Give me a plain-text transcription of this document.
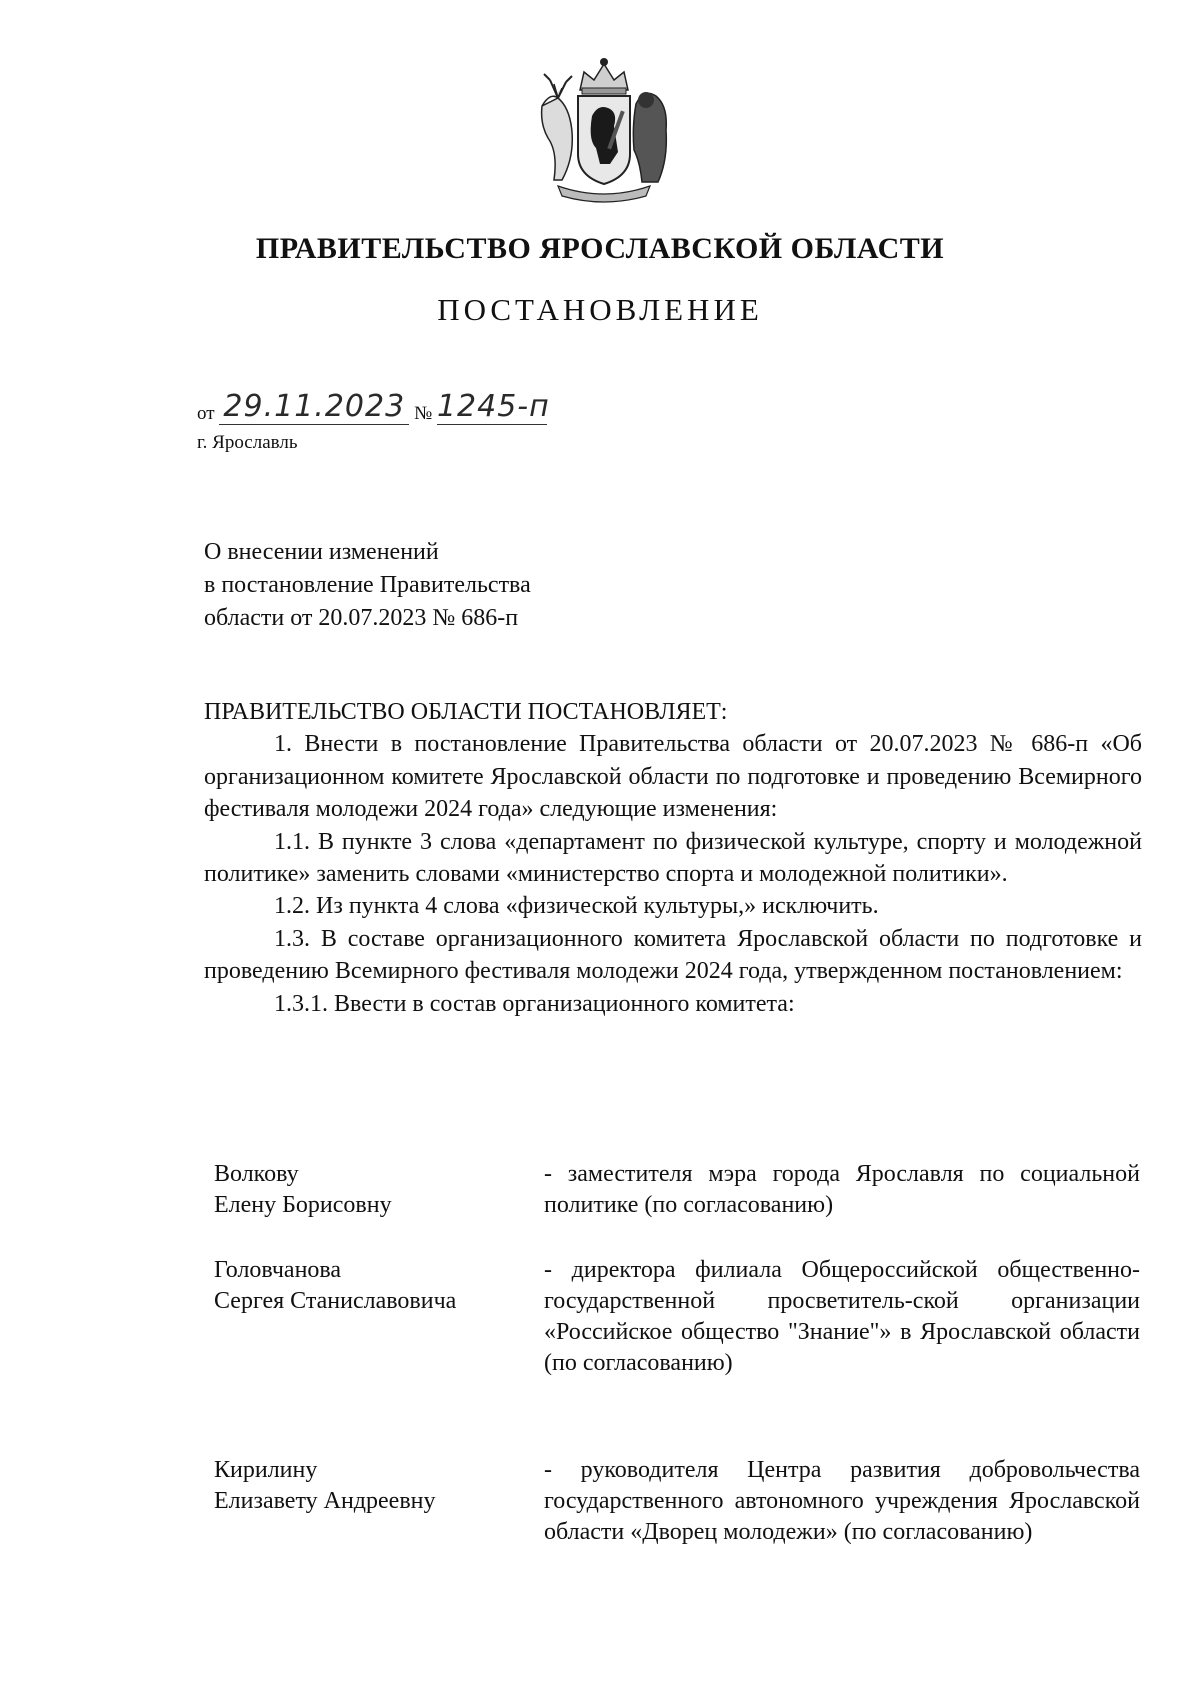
ПРАВИТЕЛЬСТВО ЯРОСЛАВСКОЙ ОБЛАСТИ
ПОСТАНОВЛЕНИЕ
от 29.11.2023 № 1245-п
г. Ярославль
О внесении изменений
в постановление Правительства
области от 20.07.2023 № 686-п

ПРАВИТЕЛЬСТВО ОБЛАСТИ ПОСТАНОВЛЯЕТ:

1. Внести в постановление Правительства области от 20.07.2023 № 686-п «Об организационном комитете Ярославской области по подготовке и проведению Всемирного фестиваля молодежи 2024 года» следующие изменения:

1.1. В пункте 3 слова «департамент по физической культуре, спорту и молодежной политике» заменить словами «министерство спорта и молодежной политики».

1.2. Из пункта 4 слова «физической культуры,» исключить.

1.3. В составе организационного комитета Ярославской области по подготовке и проведению Всемирного фестиваля молодежи 2024 года, утвержденном постановлением:

1.3.1. Ввести в состав организационного комитета:

Волкову
Елену Борисовну
- заместителя мэра города Ярославля по социальной политике (по согласованию)
Головчанова
Сергея Станиславовича
- директора филиала Общероссийской общественно-государственной просветитель-ской организации «Российское общество "Знание"» в Ярославской области (по согласованию)
Кирилину
Елизавету Андреевну
- руководителя Центра развития добровольчества государственного автономного учреждения Ярославской области «Дворец молодежи» (по согласованию)
